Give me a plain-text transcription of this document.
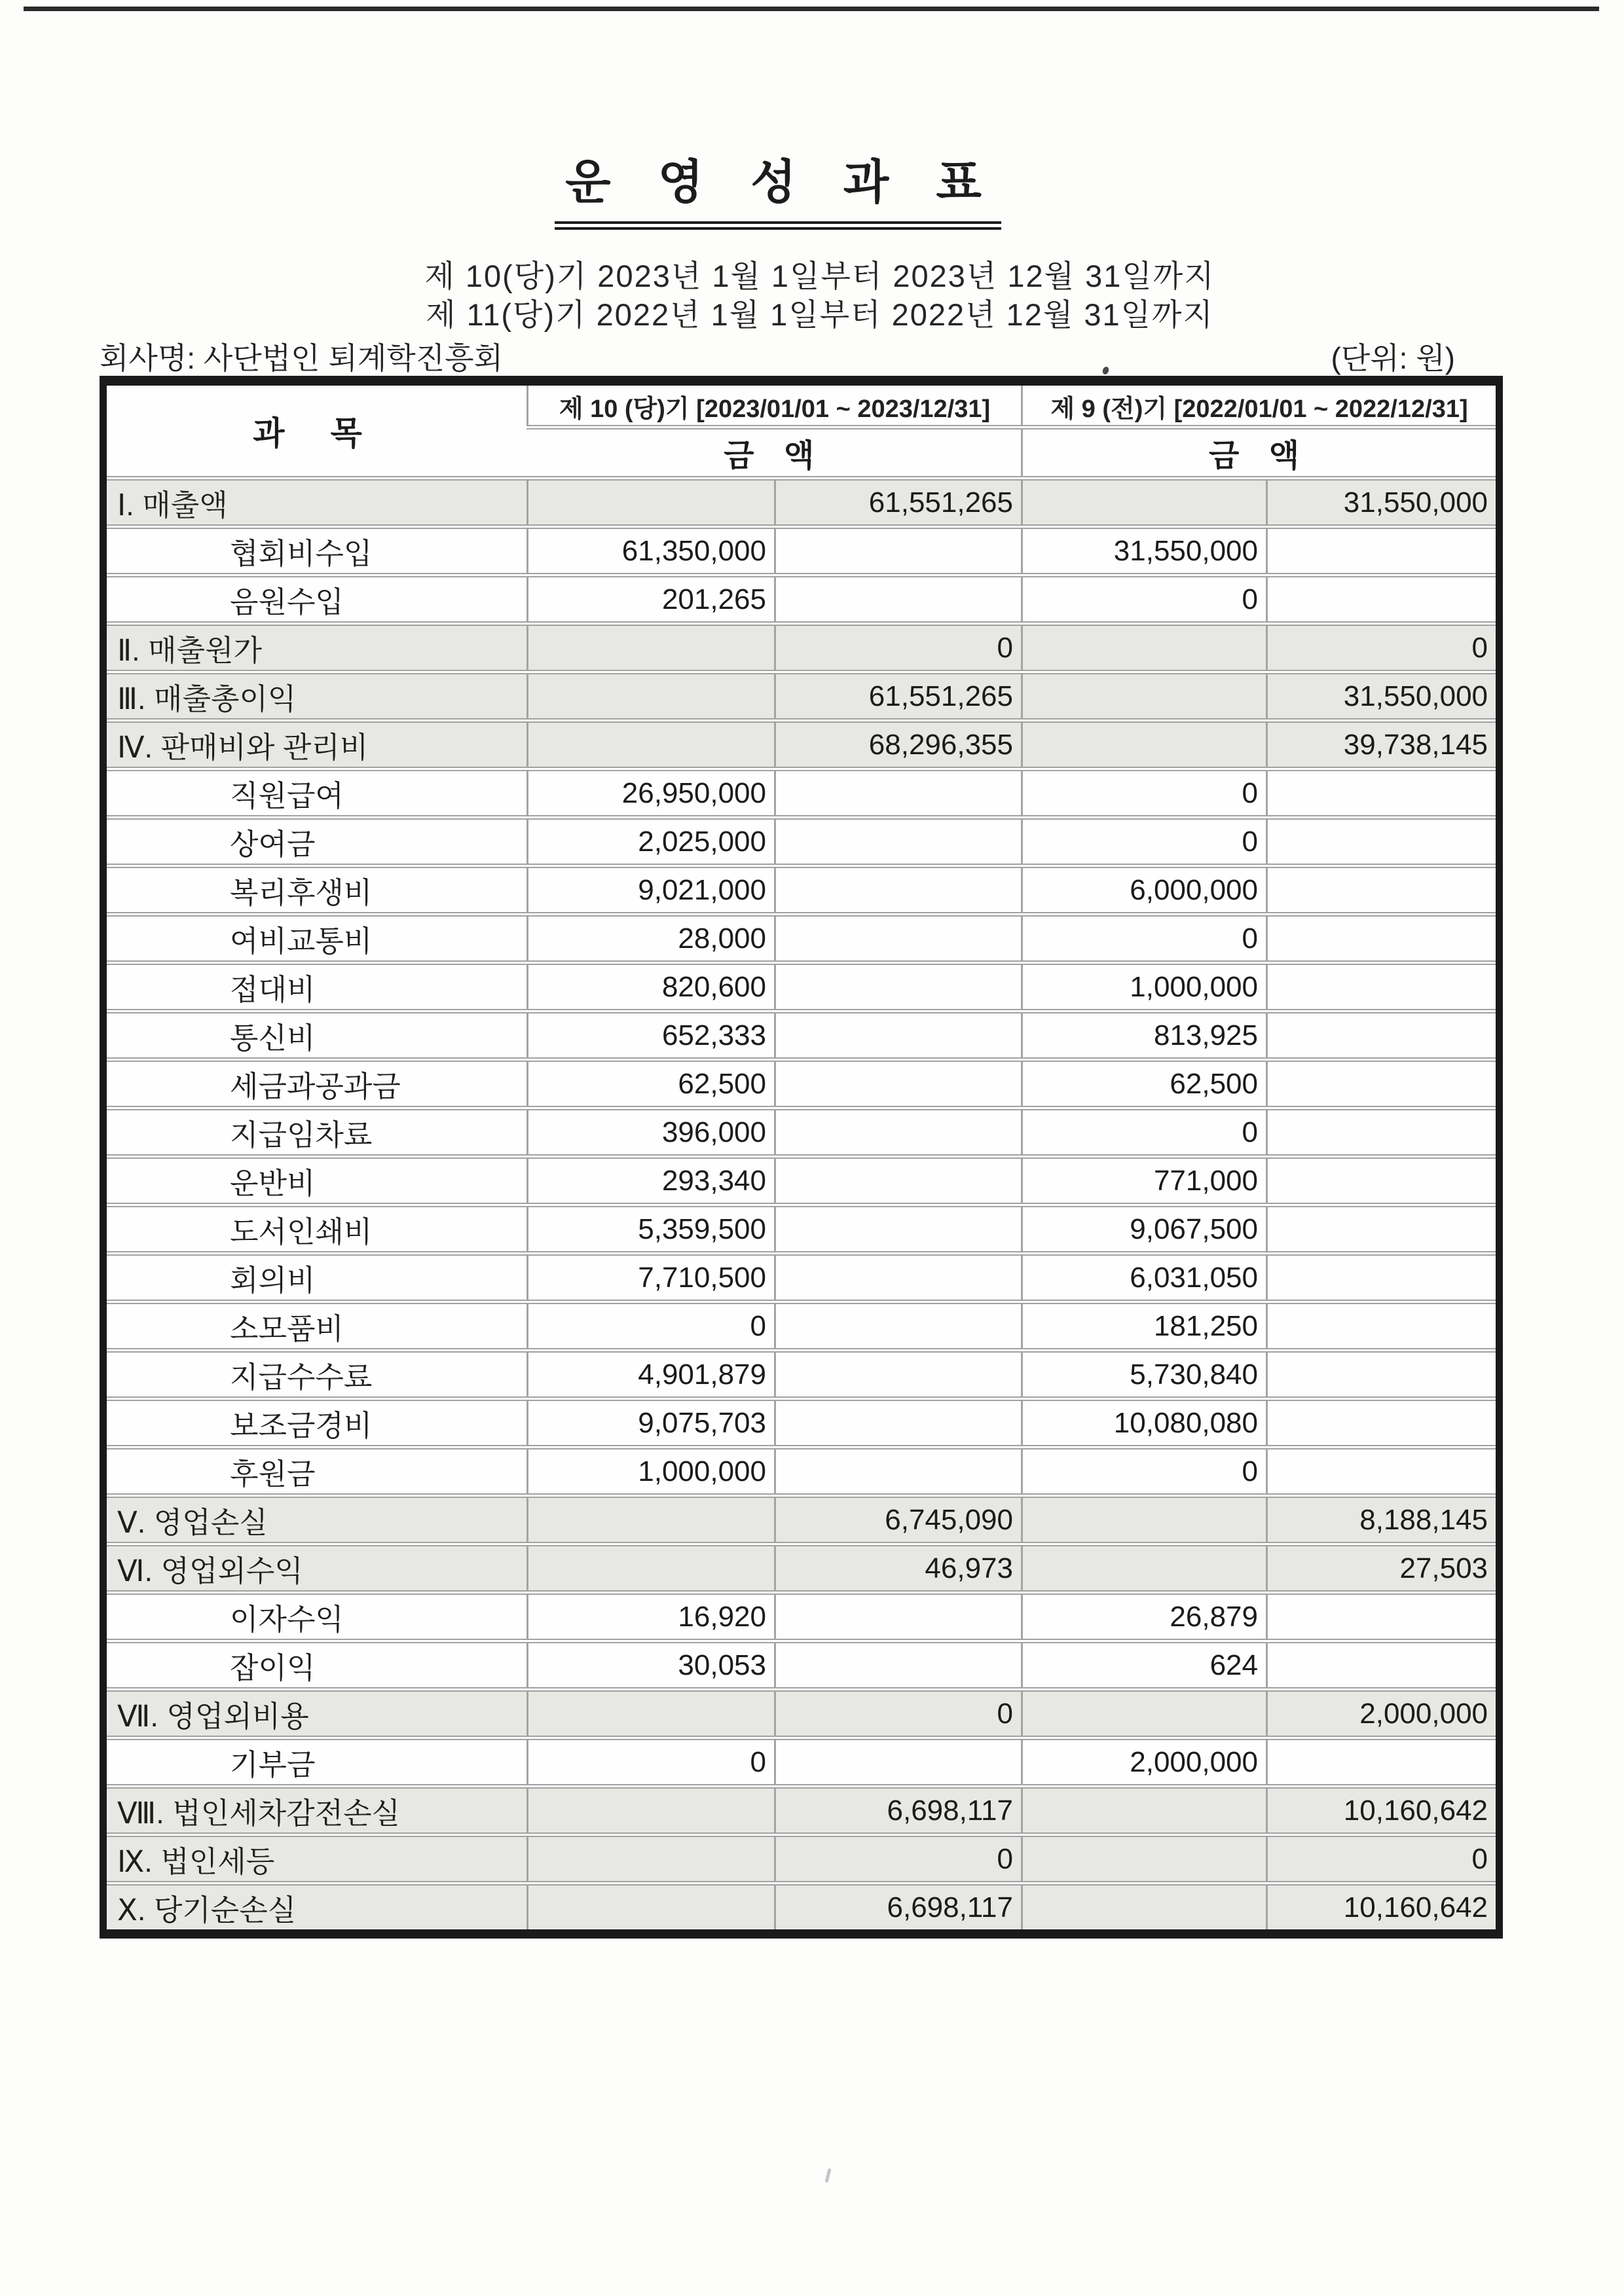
운 영 성 과 표
제 10(당)기 2023년 1월 1일부터 2023년 12월 31일까지
제 11(당)기 2022년 1월 1일부터 2022년 12월 31일까지
회사명: 사단법인 퇴계학진흥회	(단위: 원)
과 목	제 10 (당)기 [2023/01/01 ~ 2023/12/31]		제 9 (전)기 [2022/01/01 ~ 2022/12/31]	
	금 액		금 액	
Ⅰ. 매출액		61,551,265		31,550,000
협회비수입	61,350,000		31,550,000	
음원수입	201,265		0	
Ⅱ. 매출원가		0		0
Ⅲ. 매출총이익		61,551,265		31,550,000
Ⅳ. 판매비와 관리비		68,296,355		39,738,145
직원급여	26,950,000		0	
상여금	2,025,000		0	
복리후생비	9,021,000		6,000,000	
여비교통비	28,000		0	
접대비	820,600		1,000,000	
통신비	652,333		813,925	
세금과공과금	62,500		62,500	
지급임차료	396,000		0	
운반비	293,340		771,000	
도서인쇄비	5,359,500		9,067,500	
회의비	7,710,500		6,031,050	
소모품비	0		181,250	
지급수수료	4,901,879		5,730,840	
보조금경비	9,075,703		10,080,080	
후원금	1,000,000		0	
Ⅴ. 영업손실		6,745,090		8,188,145
Ⅵ. 영업외수익		46,973		27,503
이자수익	16,920		26,879	
잡이익	30,053		624	
Ⅶ. 영업외비용		0		2,000,000
기부금	0		2,000,000	
Ⅷ. 법인세차감전손실		6,698,117		10,160,642
Ⅸ. 법인세등		0		0
Ⅹ. 당기순손실		6,698,117		10,160,642
